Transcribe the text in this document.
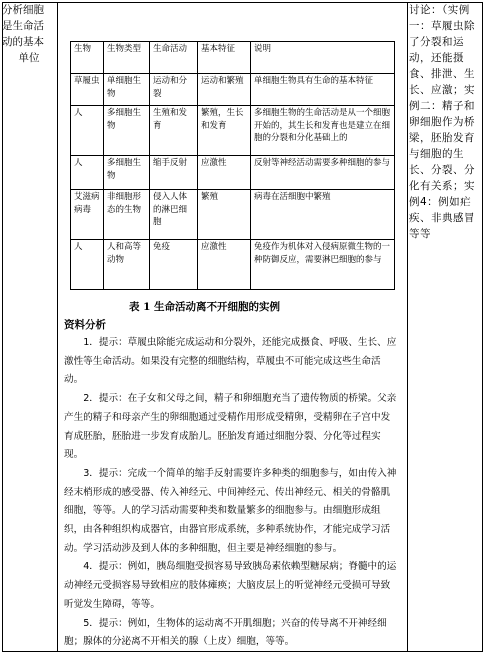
分析细胞
是生命活
动的基本
单位
生物	生物类型	生命活动	基本特征	说明
草履虫	单细胞生物	运动和分裂	运动和繁殖	单细胞生物具有生命的基本特征
人	多细胞生物	生殖和发育	繁殖，生长和发育	多细胞生物的生命活动是从一个细胞开始的，其生长和发育也是建立在细胞的分裂和分化基础上的
人	多细胞生物	缩手反射	应激性	反射等神经活动需要多种细胞的参与
艾滋病病毒	非细胞形态的生物	侵入人体的淋巴细胞	繁殖	病毒在活细胞中繁殖
人	人和高等动物	免疫	应激性	免疫作为机体对入侵病原微生物的一种防御反应，需要淋巴细胞的参与
表 1 生命活动离不开细胞的实例
资料分析

1．提示：草履虫除能完成运动和分裂外，还能完成摄食、呼吸、生长、应激性等生命活动。如果没有完整的细胞结构，草履虫不可能完成这些生命活动。

2．提示：在子女和父母之间，精子和卵细胞充当了遗传物质的桥梁。父亲产生的精子和母亲产生的卵细胞通过受精作用形成受精卵，受精卵在子宫中发育成胚胎，胚胎进一步发育成胎儿。胚胎发育通过细胞分裂、分化等过程实现。

3．提示：完成一个简单的缩手反射需要许多种类的细胞参与，如由传入神经末梢形成的感受器、传入神经元、中间神经元、传出神经元、相关的骨骼肌细胞，等等。人的学习活动需要种类和数量繁多的细胞参与。由细胞形成组织，由各种组织构成器官，由器官形成系统，多种系统协作，才能完成学习活动。学习活动涉及到人体的多种细胞，但主要是神经细胞的参与。

4．提示：例如，胰岛细胞受损容易导致胰岛素依赖型糖尿病；脊髓中的运动神经元受损容易导致相应的肢体瘫痪；大脑皮层上的听觉神经元受损可导致听觉发生障碍，等等。

5．提示：例如，生物体的运动离不开肌细胞；兴奋的传导离不开神经细胞；腺体的分泌离不开相关的腺（上皮）细胞，等等。

讨论：（实例一：草履虫除了分裂和运动，还能摄食、排泄、生长、应激；实例二：精子和卵细胞作为桥梁，胚胎发育与细胞的生长、分裂、分化有关系；实例4：例如疟疾、非典感冒等等
